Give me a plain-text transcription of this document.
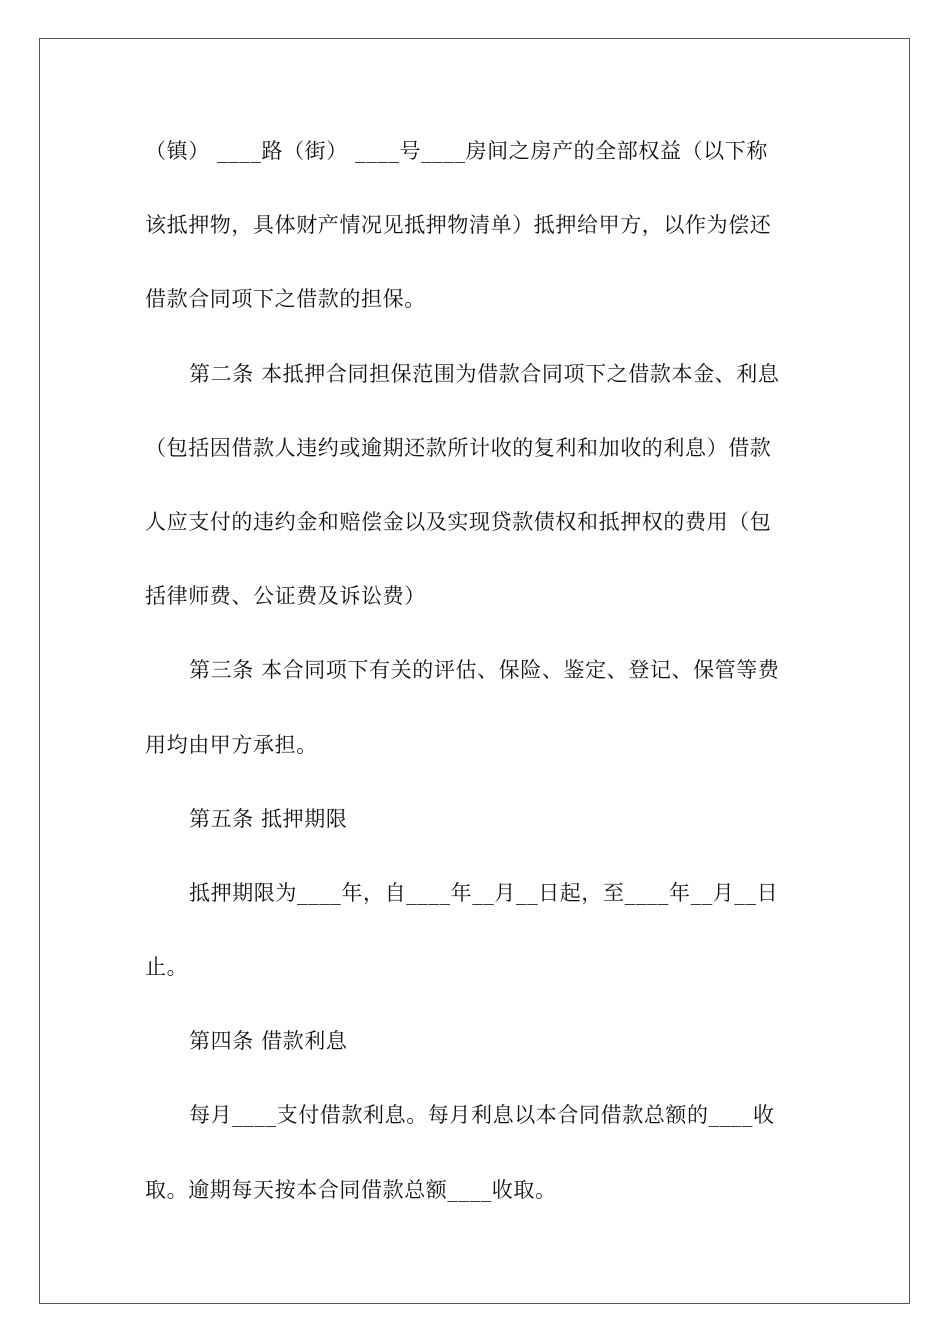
（镇） ____路（街） ____号____房间之房产的全部权益（以下称
该抵押物，具体财产情况见抵押物清单）抵押给甲方，以作为偿还
借款合同项下之借款的担保。
第二条 本抵押合同担保范围为借款合同项下之借款本金、利息
（包括因借款人违约或逾期还款所计收的复利和加收的利息）借款
人应支付的违约金和赔偿金以及实现贷款债权和抵押权的费用（包
括律师费、公证费及诉讼费）
第三条 本合同项下有关的评估、保险、鉴定、登记、保管等费
用均由甲方承担。
第五条 抵押期限
抵押期限为____年，自____年__月__日起，至____年__月__日
止。
第四条 借款利息
每月____支付借款利息。每月利息以本合同借款总额的____收
取。逾期每天按本合同借款总额____收取。
